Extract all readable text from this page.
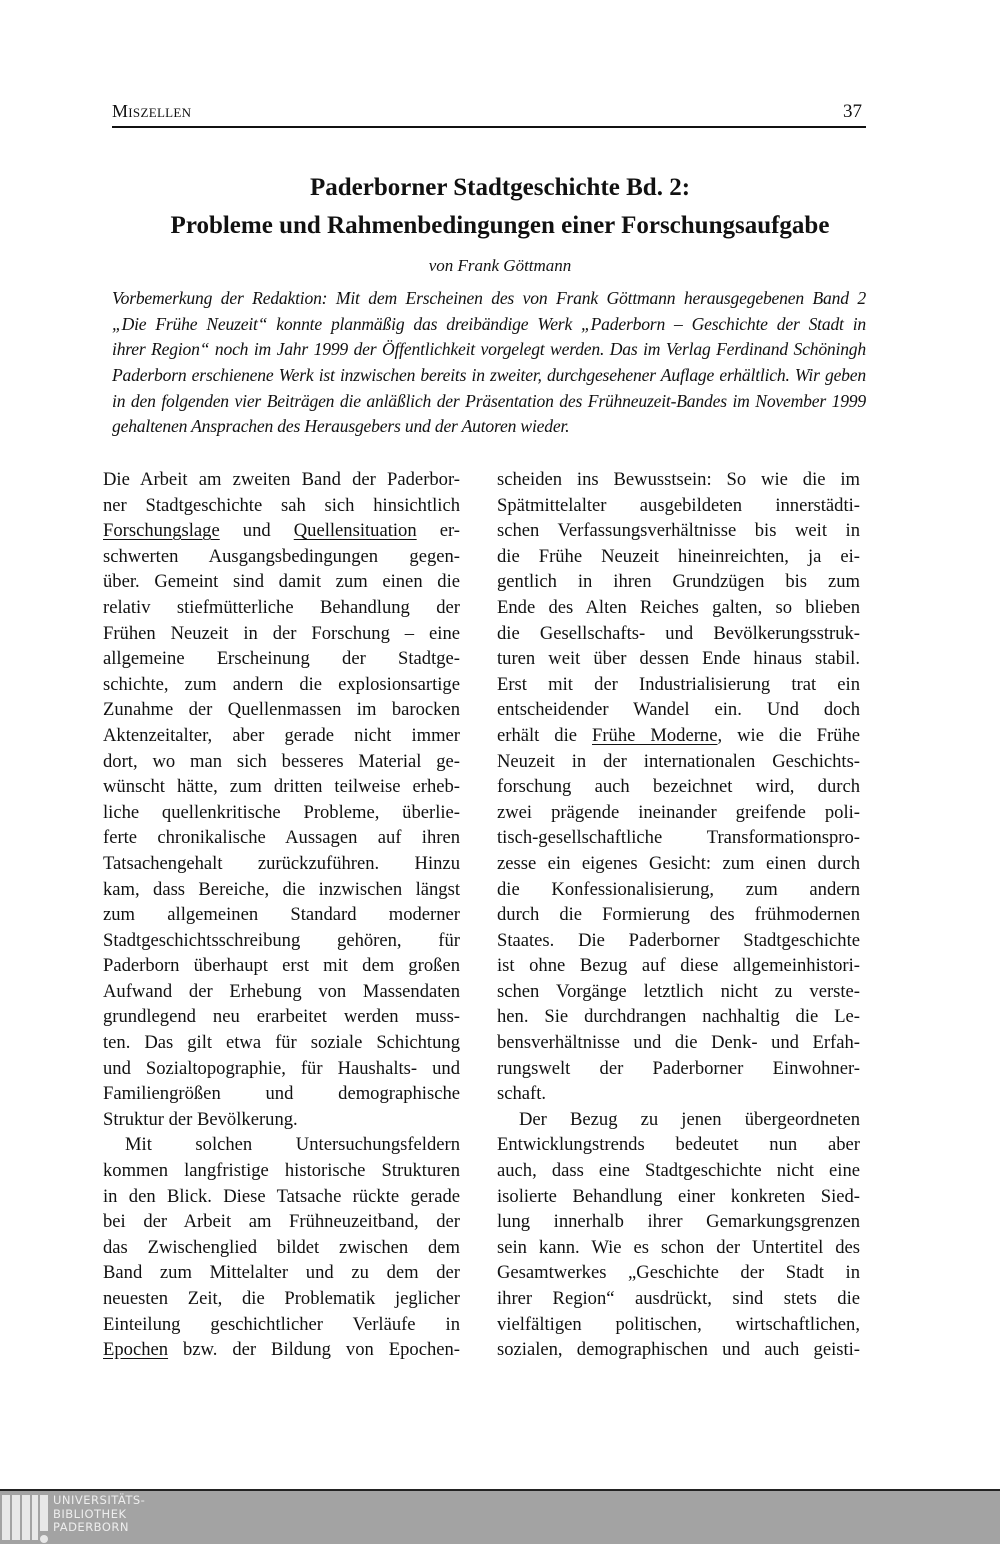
Miszellen	37
Paderborner Stadtgeschichte Bd. 2:
Probleme und Rahmenbedingungen einer Forschungsaufgabe
von Frank Göttmann
Vorbemerkung der Redaktion: Mit dem Erscheinen des von Frank Göttmann herausgegebenen Band 2
„Die Frühe Neuzeit“ konnte planmäßig das dreibändige Werk „Paderborn – Geschichte der Stadt in
ihrer Region“ noch im Jahr 1999 der Öffentlichkeit vorgelegt werden. Das im Verlag Ferdinand Schöningh
Paderborn erschienene Werk ist inzwischen bereits in zweiter, durchgesehener Auflage erhältlich. Wir geben
in den folgenden vier Beiträgen die anläßlich der Präsentation des Frühneuzeit-Bandes im November 1999
gehaltenen Ansprachen des Herausgebers und der Autoren wieder.
Die Arbeit am zweiten Band der Paderbor-
ner Stadtgeschichte sah sich hinsichtlich
Forschungslage und Quellensituation er-
schwerten Ausgangsbedingungen gegen-
über. Gemeint sind damit zum einen die
relativ stiefmütterliche Behandlung der
Frühen Neuzeit in der Forschung – eine
allgemeine Erscheinung der Stadtge-
schichte, zum andern die explosionsartige
Zunahme der Quellenmassen im barocken
Aktenzeitalter, aber gerade nicht immer
dort, wo man sich besseres Material ge-
wünscht hätte, zum dritten teilweise erheb-
liche quellenkritische Probleme, überlie-
ferte chronikalische Aussagen auf ihren
Tatsachengehalt zurückzuführen. Hinzu
kam, dass Bereiche, die inzwischen längst
zum allgemeinen Standard moderner
Stadtgeschichtsschreibung gehören, für
Paderborn überhaupt erst mit dem großen
Aufwand der Erhebung von Massendaten
grundlegend neu erarbeitet werden muss-
ten. Das gilt etwa für soziale Schichtung
und Sozialtopographie, für Haushalts- und
Familiengrößen und demographische
Struktur der Bevölkerung.
Mit solchen Untersuchungsfeldern
kommen langfristige historische Strukturen
in den Blick. Diese Tatsache rückte gerade
bei der Arbeit am Frühneuzeitband, der
das Zwischenglied bildet zwischen dem
Band zum Mittelalter und zu dem der
neuesten Zeit, die Problematik jeglicher
Einteilung geschichtlicher Verläufe in
Epochen bzw. der Bildung von Epochen-
scheiden ins Bewusstsein: So wie die im
Spätmittelalter ausgebildeten innerstädti-
schen Verfassungsverhältnisse bis weit in
die Frühe Neuzeit hineinreichten, ja ei-
gentlich in ihren Grundzügen bis zum
Ende des Alten Reiches galten, so blieben
die Gesellschafts- und Bevölkerungsstruk-
turen weit über dessen Ende hinaus stabil.
Erst mit der Industrialisierung trat ein
entscheidender Wandel ein. Und doch
erhält die Frühe Moderne, wie die Frühe
Neuzeit in der internationalen Geschichts-
forschung auch bezeichnet wird, durch
zwei prägende ineinander greifende poli-
tisch-gesellschaftliche Transformationspro-
zesse ein eigenes Gesicht: zum einen durch
die Konfessionalisierung, zum andern
durch die Formierung des frühmodernen
Staates. Die Paderborner Stadtgeschichte
ist ohne Bezug auf diese allgemeinhistori-
schen Vorgänge letztlich nicht zu verste-
hen. Sie durchdrangen nachhaltig die Le-
bensverhältnisse und die Denk- und Erfah-
rungswelt der Paderborner Einwohner-
schaft.
Der Bezug zu jenen übergeordneten
Entwicklungstrends bedeutet nun aber
auch, dass eine Stadtgeschichte nicht eine
isolierte Behandlung einer konkreten Sied-
lung innerhalb ihrer Gemarkungsgrenzen
sein kann. Wie es schon der Untertitel des
Gesamtwerkes „Geschichte der Stadt in
ihrer Region“ ausdrückt, sind stets die
vielfältigen politischen, wirtschaftlichen,
sozialen, demographischen und auch geisti-
UNIVERSITÄTS-
BIBLIOTHEK
PADERBORN
